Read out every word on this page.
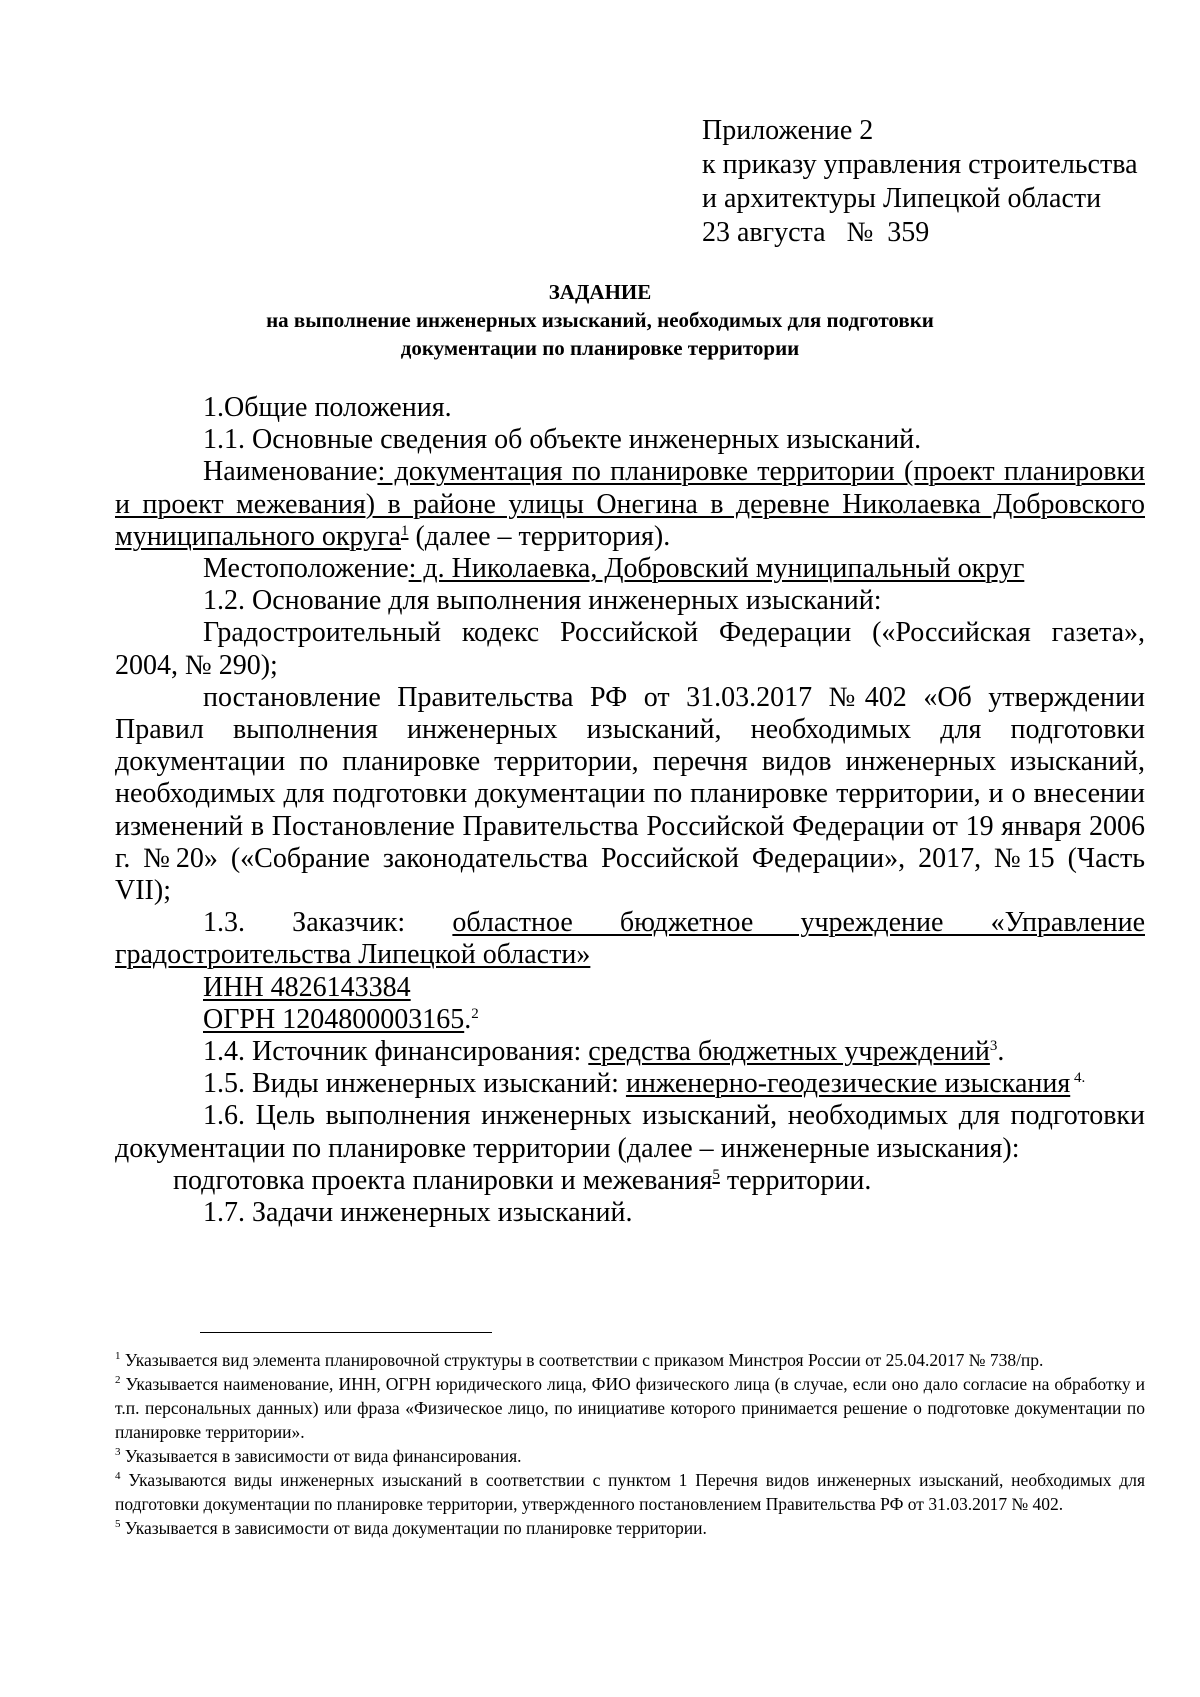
Приложение 2
к приказу управления строительства
и архитектуры Липецкой области
23 августа   №  359
ЗАДАНИЕ
на выполнение инженерных изысканий, необходимых для подготовки
документации по планировке территории

1.Общие положения.

1.1. Основные сведения об объекте инженерных изысканий.

Наименование: документация по планировке территории (проект планировки и проект межевания) в районе улицы Онегина в деревне Николаевка Добровского муниципального округа$^1$ (далее – территория).

Местоположение: д. Николаевка, Добровский муниципальный округ

1.2. Основание для выполнения инженерных изысканий:

Градостроительный кодекс Российской Федерации («Российская газета», 2004, № 290);

постановление Правительства РФ от 31.03.2017 №402 «Об утверждении Правил выполнения инженерных изысканий, необходимых для подготовки документации по планировке территории, перечня видов инженерных изысканий, необходимых для подготовки документации по планировке территории, и о внесении изменений в Постановление Правительства Российской Федерации от 19 января 2006 г. №20» («Собрание законодательства Российской Федерации», 2017, №15 (Часть VII);

1.3. Заказчик: областное бюджетное учреждение «Управление градостроительства Липецкой области»

ИНН 4826143384

ОГРН 1204800003165.$^2$

1.4. Источник финансирования: средства бюджетных учреждений$^3$.

1.5. Виды инженерных изысканий: инженерно-геодезические изыскания $^{4.}$

1.6. Цель выполнения инженерных изысканий, необходимых для подготовки документации по планировке территории (далее – инженерные изыскания):

подготовка проекта планировки и межевания$^5$ территории.

1.7. Задачи инженерных изысканий.

$^1$ Указывается вид элемента планировочной структуры в соответствии с приказом Минстроя России от 25.04.2017 № 738/пр.

$^2$ Указывается наименование, ИНН, ОГРН юридического лица, ФИО физического лица (в случае, если оно дало согласие на обработку и т.п. персональных данных) или фраза «Физическое лицо, по инициативе которого принимается решение о подготовке документации по планировке территории».

$^3$ Указывается в зависимости от вида финансирования.

$^4$ Указываются виды инженерных изысканий в соответствии с пунктом 1 Перечня видов инженерных изысканий, необходимых для подготовки документации по планировке территории, утвержденного постановлением Правительства РФ от 31.03.2017 № 402.

$^5$ Указывается в зависимости от вида документации по планировке территории.
